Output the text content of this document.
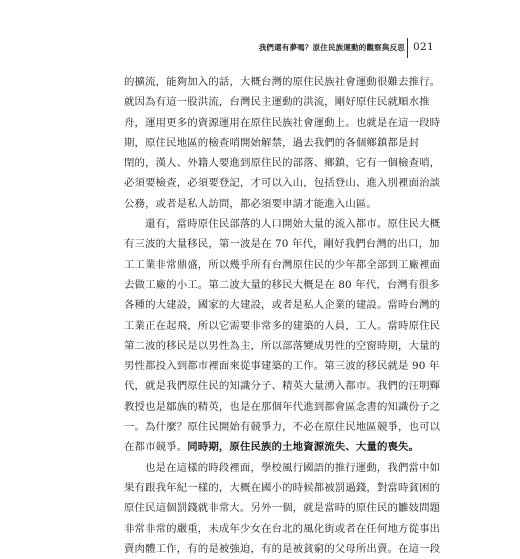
我們還有夢嗎？原住民族運動的觀察與反思 021
的擴流，能夠加入的話，大概台灣的原住民族社會運動很難去推行。
就因為有這一股洪流，台灣民主運動的洪流，剛好原住民就順水推
舟，運用更多的資源運用在原住民族社會運動上。也就是在這一段時
期，原住民地區的檢查哨開始解禁，過去我們的各個鄉鎮都是封
閉的，漢人、外籍人要進到原住民的部落、鄉鎮，它有一個檢查哨，
必須要檢查，必須要登記，才可以入山，包括登山、進入別裡面治談
公務，或者是私人訪問，都必須要申請才能進入山區。
還有，當時原住民部落的人口開始大量的流入都市。原住民大概
有三波的大量移民，第一波是在 70 年代，剛好我們台灣的出口，加
工工業非常鼎盛，所以幾乎所有台灣原住民的少年都全部到工廠裡面
去做工廠的小工。第二波大量的移民大概是在 80 年代，台灣有很多
各種的大建設，國家的大建設，或者是私人企業的建設。當時台灣的
工業正在起飛，所以它需要非常多的建築的人員，工人。當時原住民
第二波的移民是以男性為主，所以部落變成男性的空窗時期，大量的
男性都投入到都市裡面來從事建築的工作。第三波的移民就是 90 年
代，就是我們原住民的知識分子、精英大量湧入都市。我們的汪明輝
教授也是鄒族的精英，也是在那個年代進到都會區念書的知識份子之
一。為什麼？原住民開始有競爭力，不必在原住民地區競爭，也可以
在都市競爭。同時期，原住民族的土地資源流失、大量的喪失。
也是在這樣的時段裡面，學校風行國語的推行運動，我們當中如
果有跟我年紀一樣的，大概在國小的時候都被罰過錢，對當時貧困的
原住民這個罰錢就非常大。另外一個，就是當時的原住民的雛妓問題
非常非常的嚴重，未成年少女在台北的風化街或者在任何地方從事出
賣肉體工作，有的是被強迫，有的是被貧窮的父母所出賣。在這一段
